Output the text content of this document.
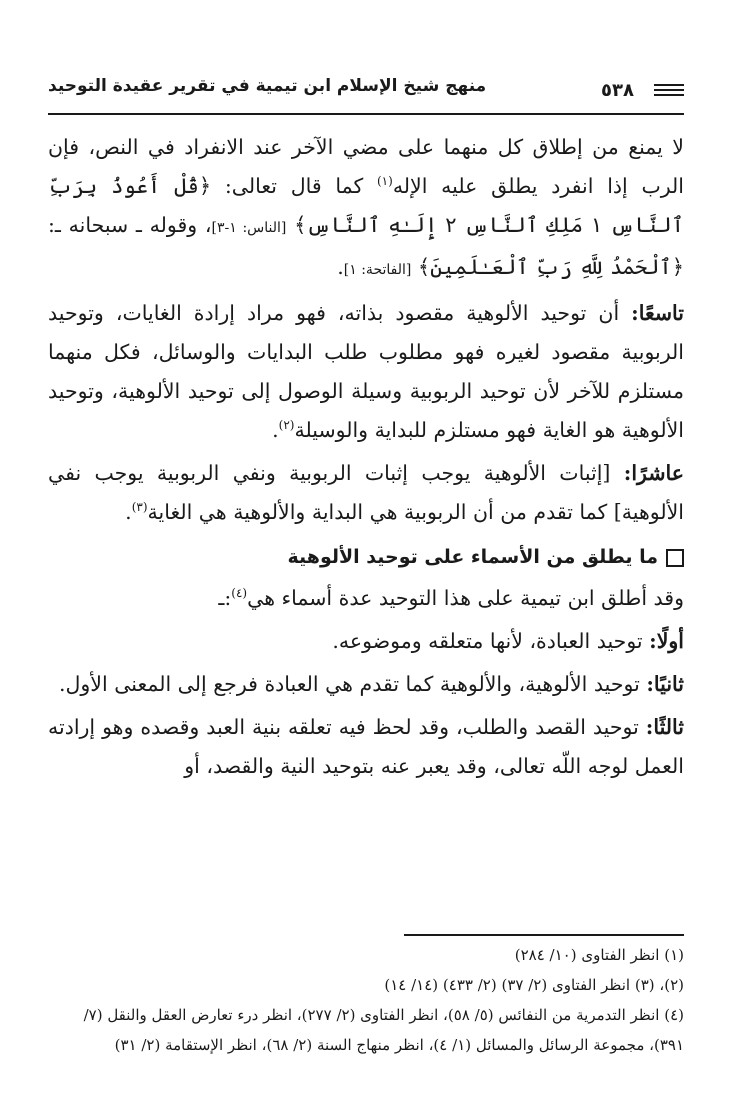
منهج شيخ الإسلام ابن تيمية في تقرير عقيدة التوحيد	٥٣٨

لا يمنع من إطلاق كل منهما على مضي الآخر عند الانفراد في النص، فإن الرب إذا انفرد يطلق عليه الإله$^{(١)}$ كما قال تعالى: ﴿قُلْ أَعُوذُ بِرَبِّ ٱلنَّاسِ ١ مَلِكِ ٱلنَّاسِ ٢ إِلَـٰهِ ٱلنَّاسِ﴾ [الناس: ١-٣]، وقوله ـ سبحانه ـ: ﴿ٱلْحَمْدُ لِلَّهِ رَبِّ ٱلْعَـٰلَمِينَ﴾ [الفاتحة: ١].

تاسعًا: أن توحيد الألوهية مقصود بذاته، فهو مراد إرادة الغايات، وتوحيد الربوبية مقصود لغيره فهو مطلوب طلب البدايات والوسائل، فكل منهما مستلزم للآخر لأن توحيد الربوبية وسيلة الوصول إلى توحيد الألوهية، وتوحيد الألوهية هو الغاية فهو مستلزم للبداية والوسيلة$^{(٢)}$.

عاشرًا: [إثبات الألوهية يوجب إثبات الربوبية ونفي الربوبية يوجب نفي الألوهية] كما تقدم من أن الربوبية هي البداية والألوهية هي الغاية$^{(٣)}$.

ما يطلق من الأسماء على توحيد الألوهية

وقد أطلق ابن تيمية على هذا التوحيد عدة أسماء هي$^{(٤)}$:ـ

أولًا: توحيد العبادة، لأنها متعلقه وموضوعه.

ثانيًا: توحيد الألوهية، والألوهية كما تقدم هي العبادة فرجع إلى المعنى الأول.

ثالثًا: توحيد القصد والطلب، وقد لحظ فيه تعلقه بنية العبد وقصده وهو إرادته العمل لوجه اللّه تعالى، وقد يعبر عنه بتوحيد النية والقصد، أو

(١) انظر الفتاوى (١٠/ ٢٨٤)
(٢)، (٣) انظر الفتاوى (٢/ ٣٧) (٢/ ٤٣٣) (١٤/ ١٤)
(٤) انظر التدمرية من النفائس (٥/ ٥٨)، انظر الفتاوى (٢/ ٢٧٧)، انظر درء تعارض العقل والنقل (٧/ ٣٩١)، مجموعة الرسائل والمسائل (١/ ٤)، انظر منهاج السنة (٢/ ٦٨)، انظر الإستقامة (٢/ ٣١)
